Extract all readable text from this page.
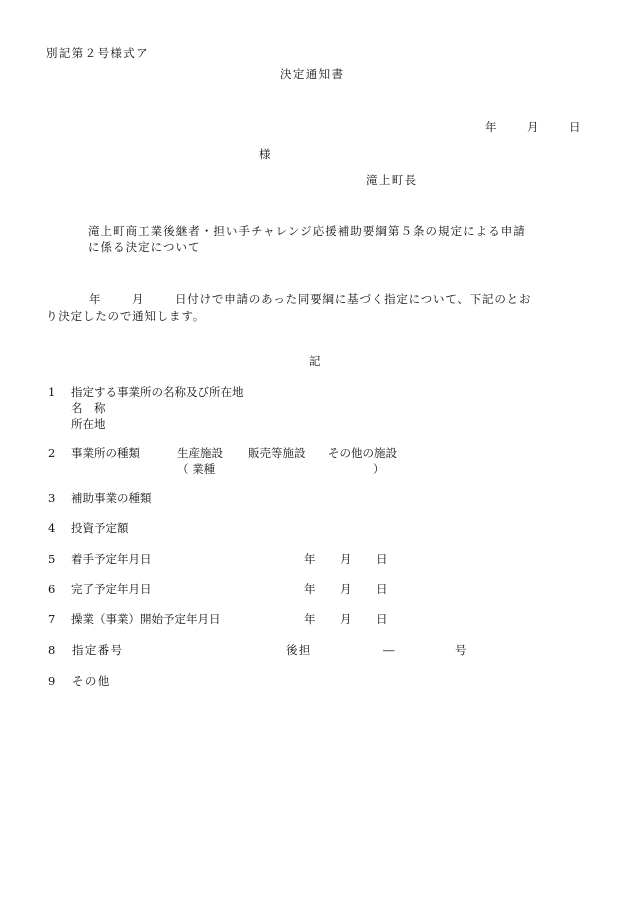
別記第２号様式ア
決定通知書
年	月	日
様
滝上町長
滝上町商工業後継者・担い手チャレンジ応援補助要綱第５条の規定による申請
に係る決定について
年	月	日付けで申請のあった同要綱に基づく指定について、下記のとお
り決定したので通知します。
記
1 指定する事業所の名称及び所在地
名　称
所在地
2 事業所の種類	生産施設 販売等施設 その他の施設
（ 業種	）
3 補助事業の種類
4 投資予定額
5 着手予定年月日	年 月 日
6 完了予定年月日	年 月 日
7 操業（事業）開始予定年月日	年 月 日
8 指定番号	後担	―	号
9 その他
